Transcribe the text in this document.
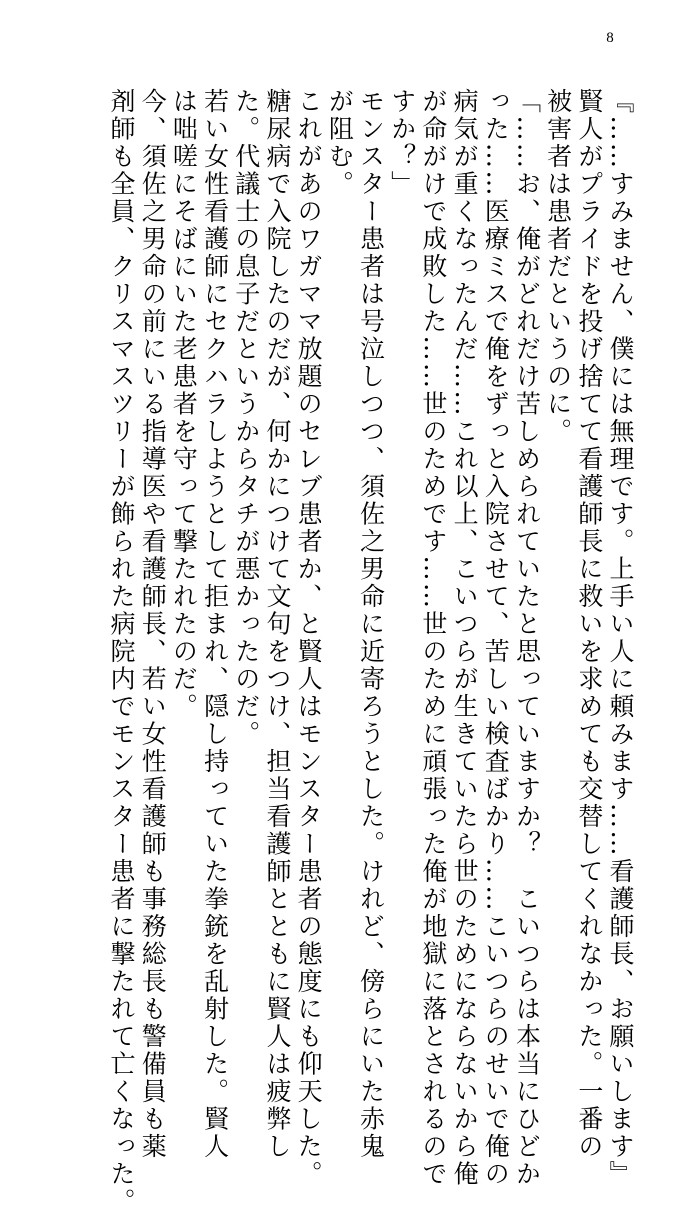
8
『……すみません、僕には無理です。上手い人に頼みます……看護師長、お願いします』
賢人がプライドを投げ捨てて看護師長に救いを求めても交替してくれなかった。一番の
被害者は患者だというのに。
「……お、俺がどれだけ苦しめられていたと思っていますか？　こいつらは本当にひどか
った……医療ミスで俺をずっと入院させて、苦しい検査ばかり……こいつらのせいで俺の
病気が重くなったんだ……これ以上、こいつらが生きていたら世のためにならないから俺
が命がけで成敗した……世のためです……世のために頑張った俺が地獄に落とされるので
すか？」
モンスター患者は号泣しつつ、須佐之男命に近寄ろうとした。けれど、傍らにいた赤鬼
が阻む。
これがあのワガママ放題のセレブ患者か、と賢人はモンスター患者の態度にも仰天した。
糖尿病で入院したのだが、何かにつけて文句をつけ、担当看護師とともに賢人は疲弊し
た。代議士の息子だというからタチが悪かったのだ。
若い女性看護師にセクハラしようとして拒まれ、隠し持っていた拳銃を乱射した。賢人
は咄嗟にそばにいた老患者を守って撃たれたのだ。
今、須佐之男命の前にいる指導医や看護師長、若い女性看護師も事務総長も警備員も薬
剤師も全員、クリスマスツリーが飾られた病院内でモンスター患者に撃たれて亡くなった。
